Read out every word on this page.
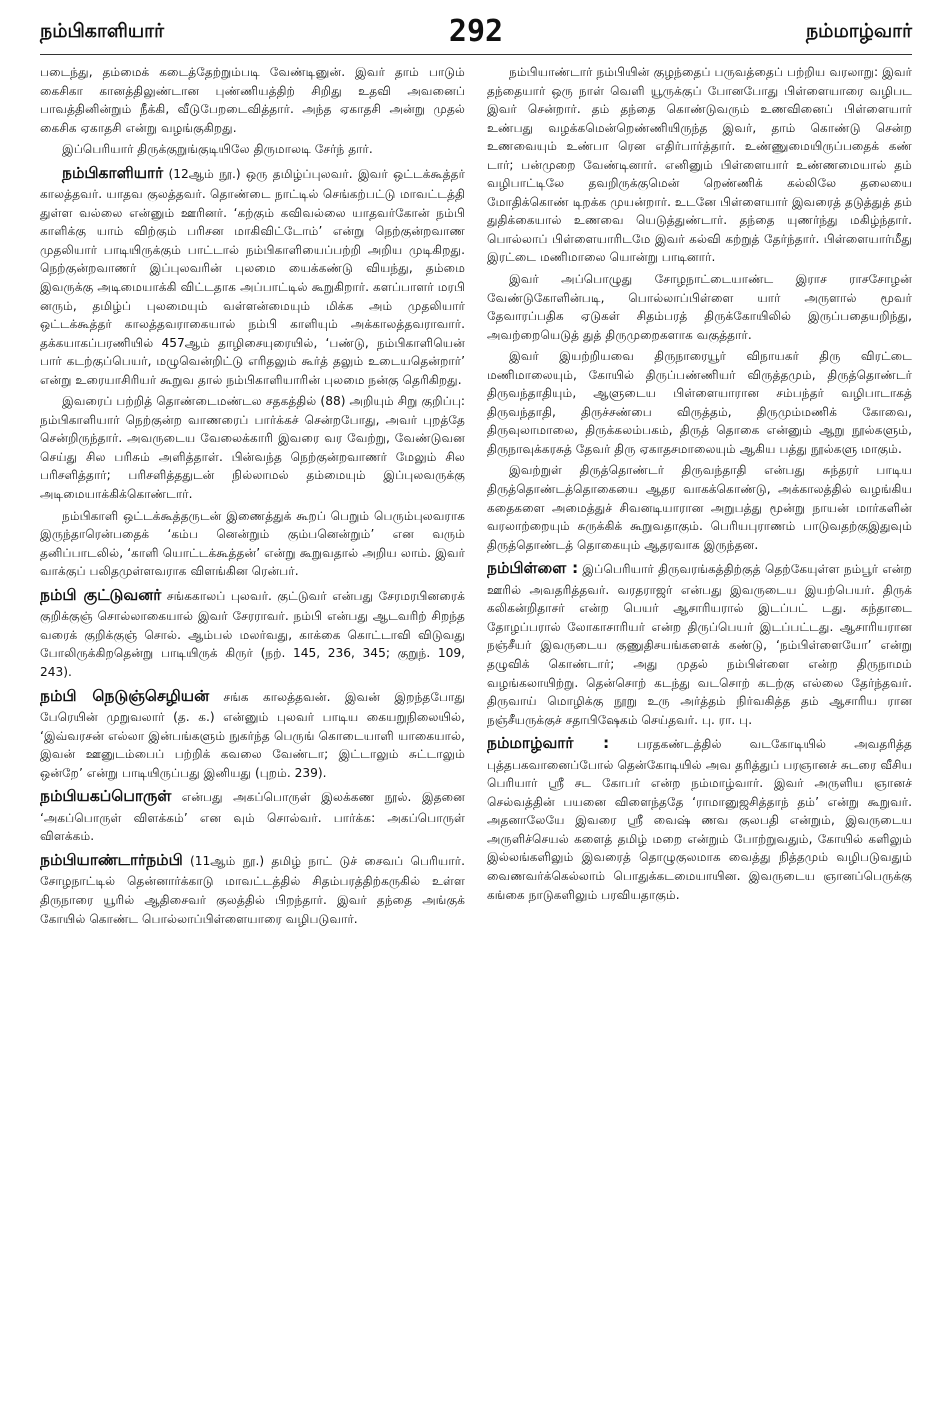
நம்பிகாளியார்	292	நம்மாழ்வார்

படைந்து, தம்மைக் கடைத்தேற்றும்படி வேண்டினுன். இவர் தாம் பாடும் கைசிகா கானத்திலுண்டான புண்ணியத்திற் சிறிது உதவி அவனைப் பாவத்தினின்றும் நீக்கி, வீடுபேறடைவித்தார். அந்த ஏகாதசி அன்று முதல் கைசிக ஏகாதசி என்று வழங்குகிறது.

இப்பெரியார் திருக்குறுங்குடியிலே திருமாலடி சேர்ந் தார்.

நம்பிகாளியார் (12ஆம் நூ.) ஒரு தமிழ்ப்புலவர். இவர் ஒட்டக்கூத்தர் காலத்தவர். யாதவ குலத்தவர். தொண்டை நாட்டில் செங்கற்பட்டு மாவட்டத்தி துள்ள வல்லை என்னும் ஊரினர். ‘கற்கும் கவிவல்லை யாதவர்கோன் நம்பி காளிக்கு யாம் விற்கும் பரிசன மாகிவிட்டோம்’ என்று நெற்குன்றவாண முதலியார் பாடியிருக்கும் பாட்டால் நம்பிகாளியைப்பற்றி அறிய முடிகிறது. நெற்குன்றவாணர் இப்புலவரின் புலமை யைக்கண்டு வியந்து, தம்மை இவருக்கு அடிமையாக்கி விட்டதாக அப்பாட்டில் கூறுகிறார். களப்பாளர் மரபி னரும், தமிழ்ப் புலமையும் வள்ளன்மையும் மிக்க அம் முதலியார் ஒட்டக்கூத்தர் காலத்தவராகையால் நம்பி காளியும் அக்காலத்தவராவார். தக்கயாகப்பரணியில் 457ஆம் தாழிசையுரையில், ‘பண்டு, நம்பிகாளியென் பார் கடற்குப்பெயர், மழுவென்றிட்டு எரிதலும் கூர்த் தலும் உடையதென்றார்’ என்று உரையாசிரியர் கூறுவ தால் நம்பிகாளியாரின் புலமை நன்கு தெரிகிறது.

இவரைப் பற்றித் தொண்டைமண்டல சதகத்தில் (88) அறியும் சிறு குறிப்பு: நம்பிகாளியார் நெற்குன்ற வாணரைப் பார்க்கச் சென்றபோது, அவர் புறத்தே சென்றிருந்தார். அவருடைய வேலைக்காரி இவரை வர வேற்று, வேண்டுவன செய்து சில பரிசும் அளித்தாள். பின்வந்த நெற்குன்றவாணர் மேலும் சில பரிசளித்தார்; பரிசளித்ததுடன் நில்லாமல் தம்மையும் இப்புலவருக்கு அடிமையாக்கிக்கொண்டார்.

நம்பிகாளி ஒட்டக்கூத்தருடன் இணைத்துக் கூறப் பெறும் பெரும்புலவராக இருந்தாரென்பதைக் ‘கம்ப னென்றும் கும்பனென்றும்’ என வரும் தனிப்பாடலில், ‘காளி யொட்டக்கூத்தன்’ என்று கூறுவதால் அறிய லாம். இவர் வாக்குப் பலிதமுள்ளவராக விளங்கின ரென்பர்.

நம்பி குட்டுவனர் சங்ககாலப் புலவர். குட்டுவர் என்பது சேரமரபினரைக் குறிக்குஞ் சொல்லாகையால் இவர் சேரராவர். நம்பி என்பது ஆடவரிற் சிறந்த வரைக் குறிக்குஞ் சொல். ஆம்பல் மலர்வது, காக்கை கொட்டாவி விடுவது போலிருக்கிறதென்று பாடியிருக் கிருர் (நற். 145, 236, 345; குறுந். 109, 243).

நம்பி நெடுஞ்செழியன் சங்க காலத்தவன். இவன் இறந்தபோது பேரெயின் முறுவலார் (த. க.) என்னும் புலவர் பாடிய கையறுநிலையில், ‘இவ்வரசன் எல்லா இன்பங்களும் நுகர்ந்த பெருங் கொடையாளி யாகையால், இவன் ஊனுடம்பைப் பற்றிக் கவலை வேண்டா; இட்டாலும் சுட்டாலும் ஒன்றே’ என்று பாடியிருப்பது இனியது (புறம். 239).

நம்பியகப்பொருள் என்பது அகப்பொருள் இலக்கண நூல். இதனை ‘அகப்பொருள் விளக்கம்’ என வும் சொல்வர். பார்க்க: அகப்பொருள் விளக்கம்.

நம்பியாண்டார்நம்பி (11ஆம் நூ.) தமிழ் நாட் டுச் சைவப் பெரியார். சோழநாட்டில் தென்னார்க்காடு மாவட்டத்தில் சிதம்பரத்திற்கருகில் உள்ள திருநாரை யூரில் ஆதிசைவர் குலத்தில் பிறந்தார். இவர் தந்தை அங்குக் கோயில் கொண்ட பொல்லாப்பிள்ளையாரை வழிபடுவார்.

நம்பியாண்டார் நம்பியின் குழந்தைப் பருவத்தைப் பற்றிய வரலாறு: இவர் தந்தையார் ஒரு நாள் வெளி யூருக்குப் போனபோது பிள்ளையாரை வழிபட இவர் சென்றார். தம் தந்தை கொண்டுவரும் உணவினைப் பிள்ளையார் உண்பது வழக்கமென்றெண்ணியிருந்த இவர், தாம் கொண்டு சென்ற உணவையும் உண்பா ரென எதிர்பார்த்தார். உண்ணுமையிருப்பதைக் கண் டார்; பன்முறை வேண்டினார். எனினும் பிள்ளையார் உண்ணமையால் தம் வழிபாட்டிலே தவறிருக்குமென் றெண்ணிக் கல்லிலே தலையை மோதிக்கொண் டிறக்க முயன்றார். உடனே பிள்ளையார் இவரைத் தடுத்துத் தம் துதிக்கையால் உணவை யெடுத்துண்டார். தந்தை யுணர்ந்து மகிழ்ந்தார். பொல்லாப் பிள்ளையாரிடமே இவர் கல்வி கற்றுத் தேர்ந்தார். பிள்ளையார்மீது இரட்டை மணிமாலை யொன்று பாடினார்.

இவர் அப்பொழுது சோழநாட்டையாண்ட இராச ராசசோழன் வேண்டுகோளின்படி, பொல்லாப்பிள்ளை யார் அருளால் மூவர் தேவாரப்பதிக ஏடுகள் சிதம்பரத் திருக்கோயிலில் இருப்பதையறிந்து, அவற்றையெடுத் துத் திருமுறைகளாக வகுத்தார்.

இவர் இயற்றியவை திருநாரையூர் விநாயகர் திரு விரட்டை மணிமாலையும், கோயில் திருப்பண்ணியர் விருத்தமும், திருத்தொண்டர் திருவந்தாதியும், ஆளுடைய பிள்ளையாரான சம்பந்தர் வழிபாடாகத் திருவந்தாதி, திருச்சண்பை விருத்தம், திருமும்மணிக் கோவை, திருவுலாமாலை, திருக்கலம்பகம், திருத் தொகை என்னும் ஆறு நூல்களும், திருநாவுக்கரசுத் தேவர் திரு ஏகாதசமாலையும் ஆகிய பத்து நூல்களு மாகும்.

இவற்றுள் திருத்தொண்டர் திருவந்தாதி என்பது சுந்தரர் பாடிய திருத்தொண்டத்தொகையை ஆதர வாகக்கொண்டு, அக்காலத்தில் வழங்கிய கதைகளை அமைத்துச் சிவனடியாரான அறுபத்து மூன்று நாயன் மார்களின் வரலாற்றையும் சுருக்கிக் கூறுவதாகும். பெரியபுராணம் பாடுவதற்குஇதுவும் திருத்தொண்டத் தொகையும் ஆதரவாக இருந்தன.

நம்பிள்ளை : இப்பெரியார் திருவரங்கத்திற்குத் தெற்கேயுள்ள நம்பூர் என்ற ஊரில் அவதரித்தவர். வரதராஜர் என்பது இவருடைய இயற்பெயர். திருக் கலிகன்றிதாசர் என்ற பெயர் ஆசாரியரால் இடப்பட் டது. கந்தாடை தோழப்பரால் லோகாசாரியர் என்ற திருப்பெயர் இடப்பட்டது. ஆசாரியரான நஞ்சீயர் இவருடைய குணுதிசயங்களைக் கண்டு, ‘நம்பிள்ளையோ’ என்று தழுவிக் கொண்டார்; அது முதல் நம்பிள்ளை என்ற திருநாமம் வழங்கலாயிற்று. தென்சொற் கடந்து வடசொற் கடற்கு எல்லை தேர்ந்தவர். திருவாய் மொழிக்கு நூறு உரு அர்த்தம் நிர்வகித்த தம் ஆசாரிய ரான நஞ்சீயருக்குச் சதாபிஷேகம் செய்தவர். பு. ரா. பு.

நம்மாழ்வார் : பரதகண்டத்தில் வடகோடியில் அவதரித்த புத்தபகவானைப்போல் தென்கோடியில் அவ தரித்துப் பரஞானச் சுடரை வீசிய பெரியார் ஸ்ரீ சட கோபர் என்ற நம்மாழ்வார். இவர் அருளிய ஞானச் செல்வத்தின் பயனை விளைந்ததே ‘ராமானுஜசித்தாந் தம்’ என்று கூறுவர். அதனாலேயே இவரை ஸ்ரீ வைஷ் ணவ குலபதி என்றும், இவருடைய அருளிச்செயல் களைத் தமிழ் மறை என்றும் போற்றுவதும், கோயில் களிலும் இல்லங்களிலும் இவரைத் தொழுகுலமாக வைத்து நித்தமும் வழிபடுவதும் வைணவர்க்கெல்லாம் பொதுக்கடமையாயின. இவருடைய ஞானப்பெருக்கு கங்கை நாடுகளிலும் பரவியதாகும்.
